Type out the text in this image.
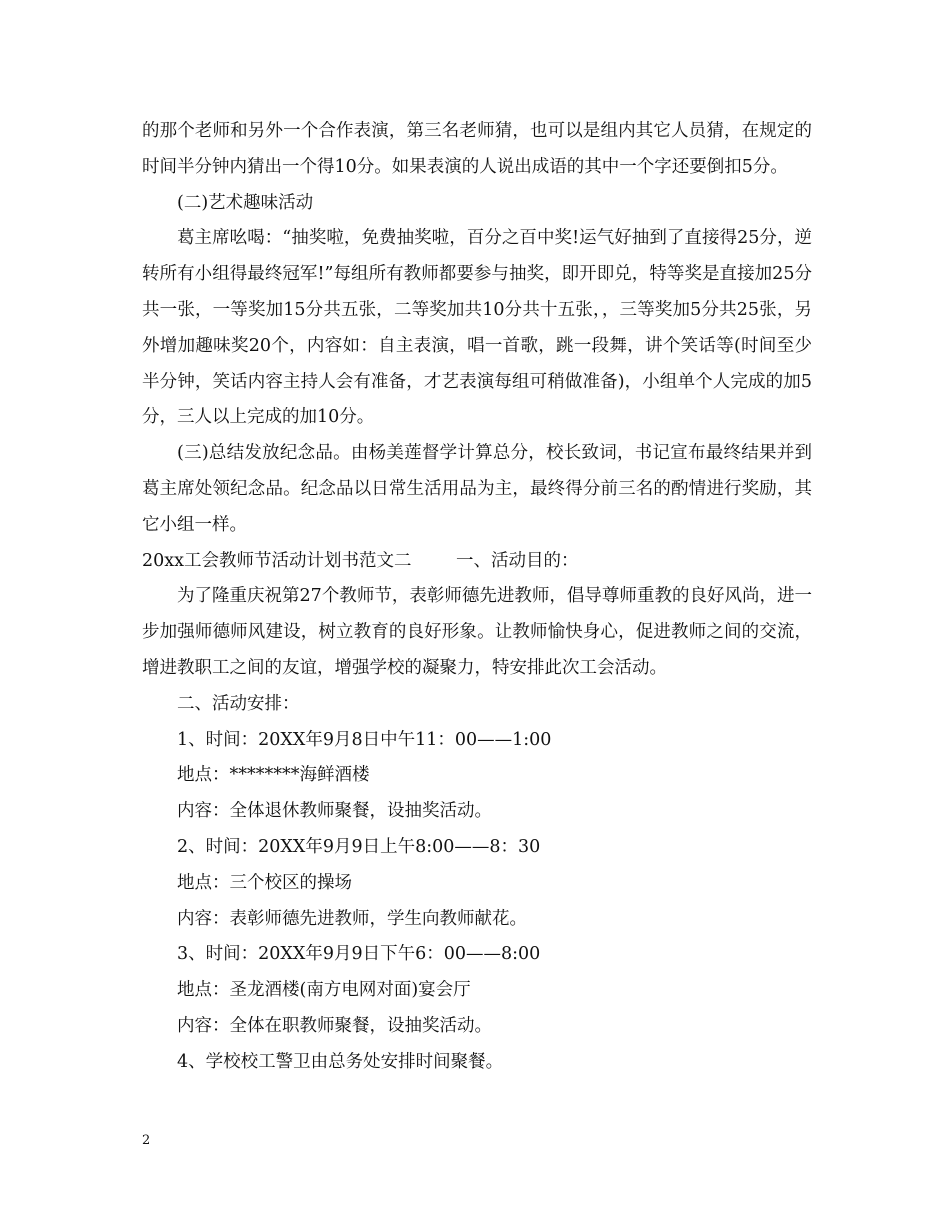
的那个老师和另外一个合作表演，第三名老师猜，也可以是组内其它人员猜，在规定的时间半分钟内猜出一个得10分。如果表演的人说出成语的其中一个字还要倒扣5分。

(二)艺术趣味活动

葛主席吆喝：“抽奖啦，免费抽奖啦，百分之百中奖!运气好抽到了直接得25分，逆转所有小组得最终冠军!”每组所有教师都要参与抽奖，即开即兑，特等奖是直接加25分共一张，一等奖加15分共五张，二等奖加共10分共十五张，，三等奖加5分共25张，另外增加趣味奖20个，内容如：自主表演，唱一首歌，跳一段舞，讲个笑话等(时间至少半分钟，笑话内容主持人会有准备，才艺表演每组可稍做准备)，小组单个人完成的加5分，三人以上完成的加10分。

(三)总结发放纪念品。由杨美莲督学计算总分，校长致词，书记宣布最终结果并到葛主席处领纪念品。纪念品以日常生活用品为主，最终得分前三名的酌情进行奖励，其它小组一样。

20xx工会教师节活动计划书范文二	一、活动目的：

为了隆重庆祝第27个教师节，表彰师德先进教师，倡导尊师重教的良好风尚，进一步加强师德师风建设，树立教育的良好形象。让教师愉快身心，促进教师之间的交流，增进教职工之间的友谊，增强学校的凝聚力，特安排此次工会活动。

二、活动安排：

1、时间：20XX年9月8日中午11：00——1:00

地点：********海鲜酒楼

内容：全体退休教师聚餐，设抽奖活动。

2、时间：20XX年9月9日上午8:00——8：30

地点：三个校区的操场

内容：表彰师德先进教师，学生向教师献花。

3、时间：20XX年9月9日下午6：00——8:00

地点：圣龙酒楼(南方电网对面)宴会厅

内容：全体在职教师聚餐，设抽奖活动。

4、学校校工警卫由总务处安排时间聚餐。

2
